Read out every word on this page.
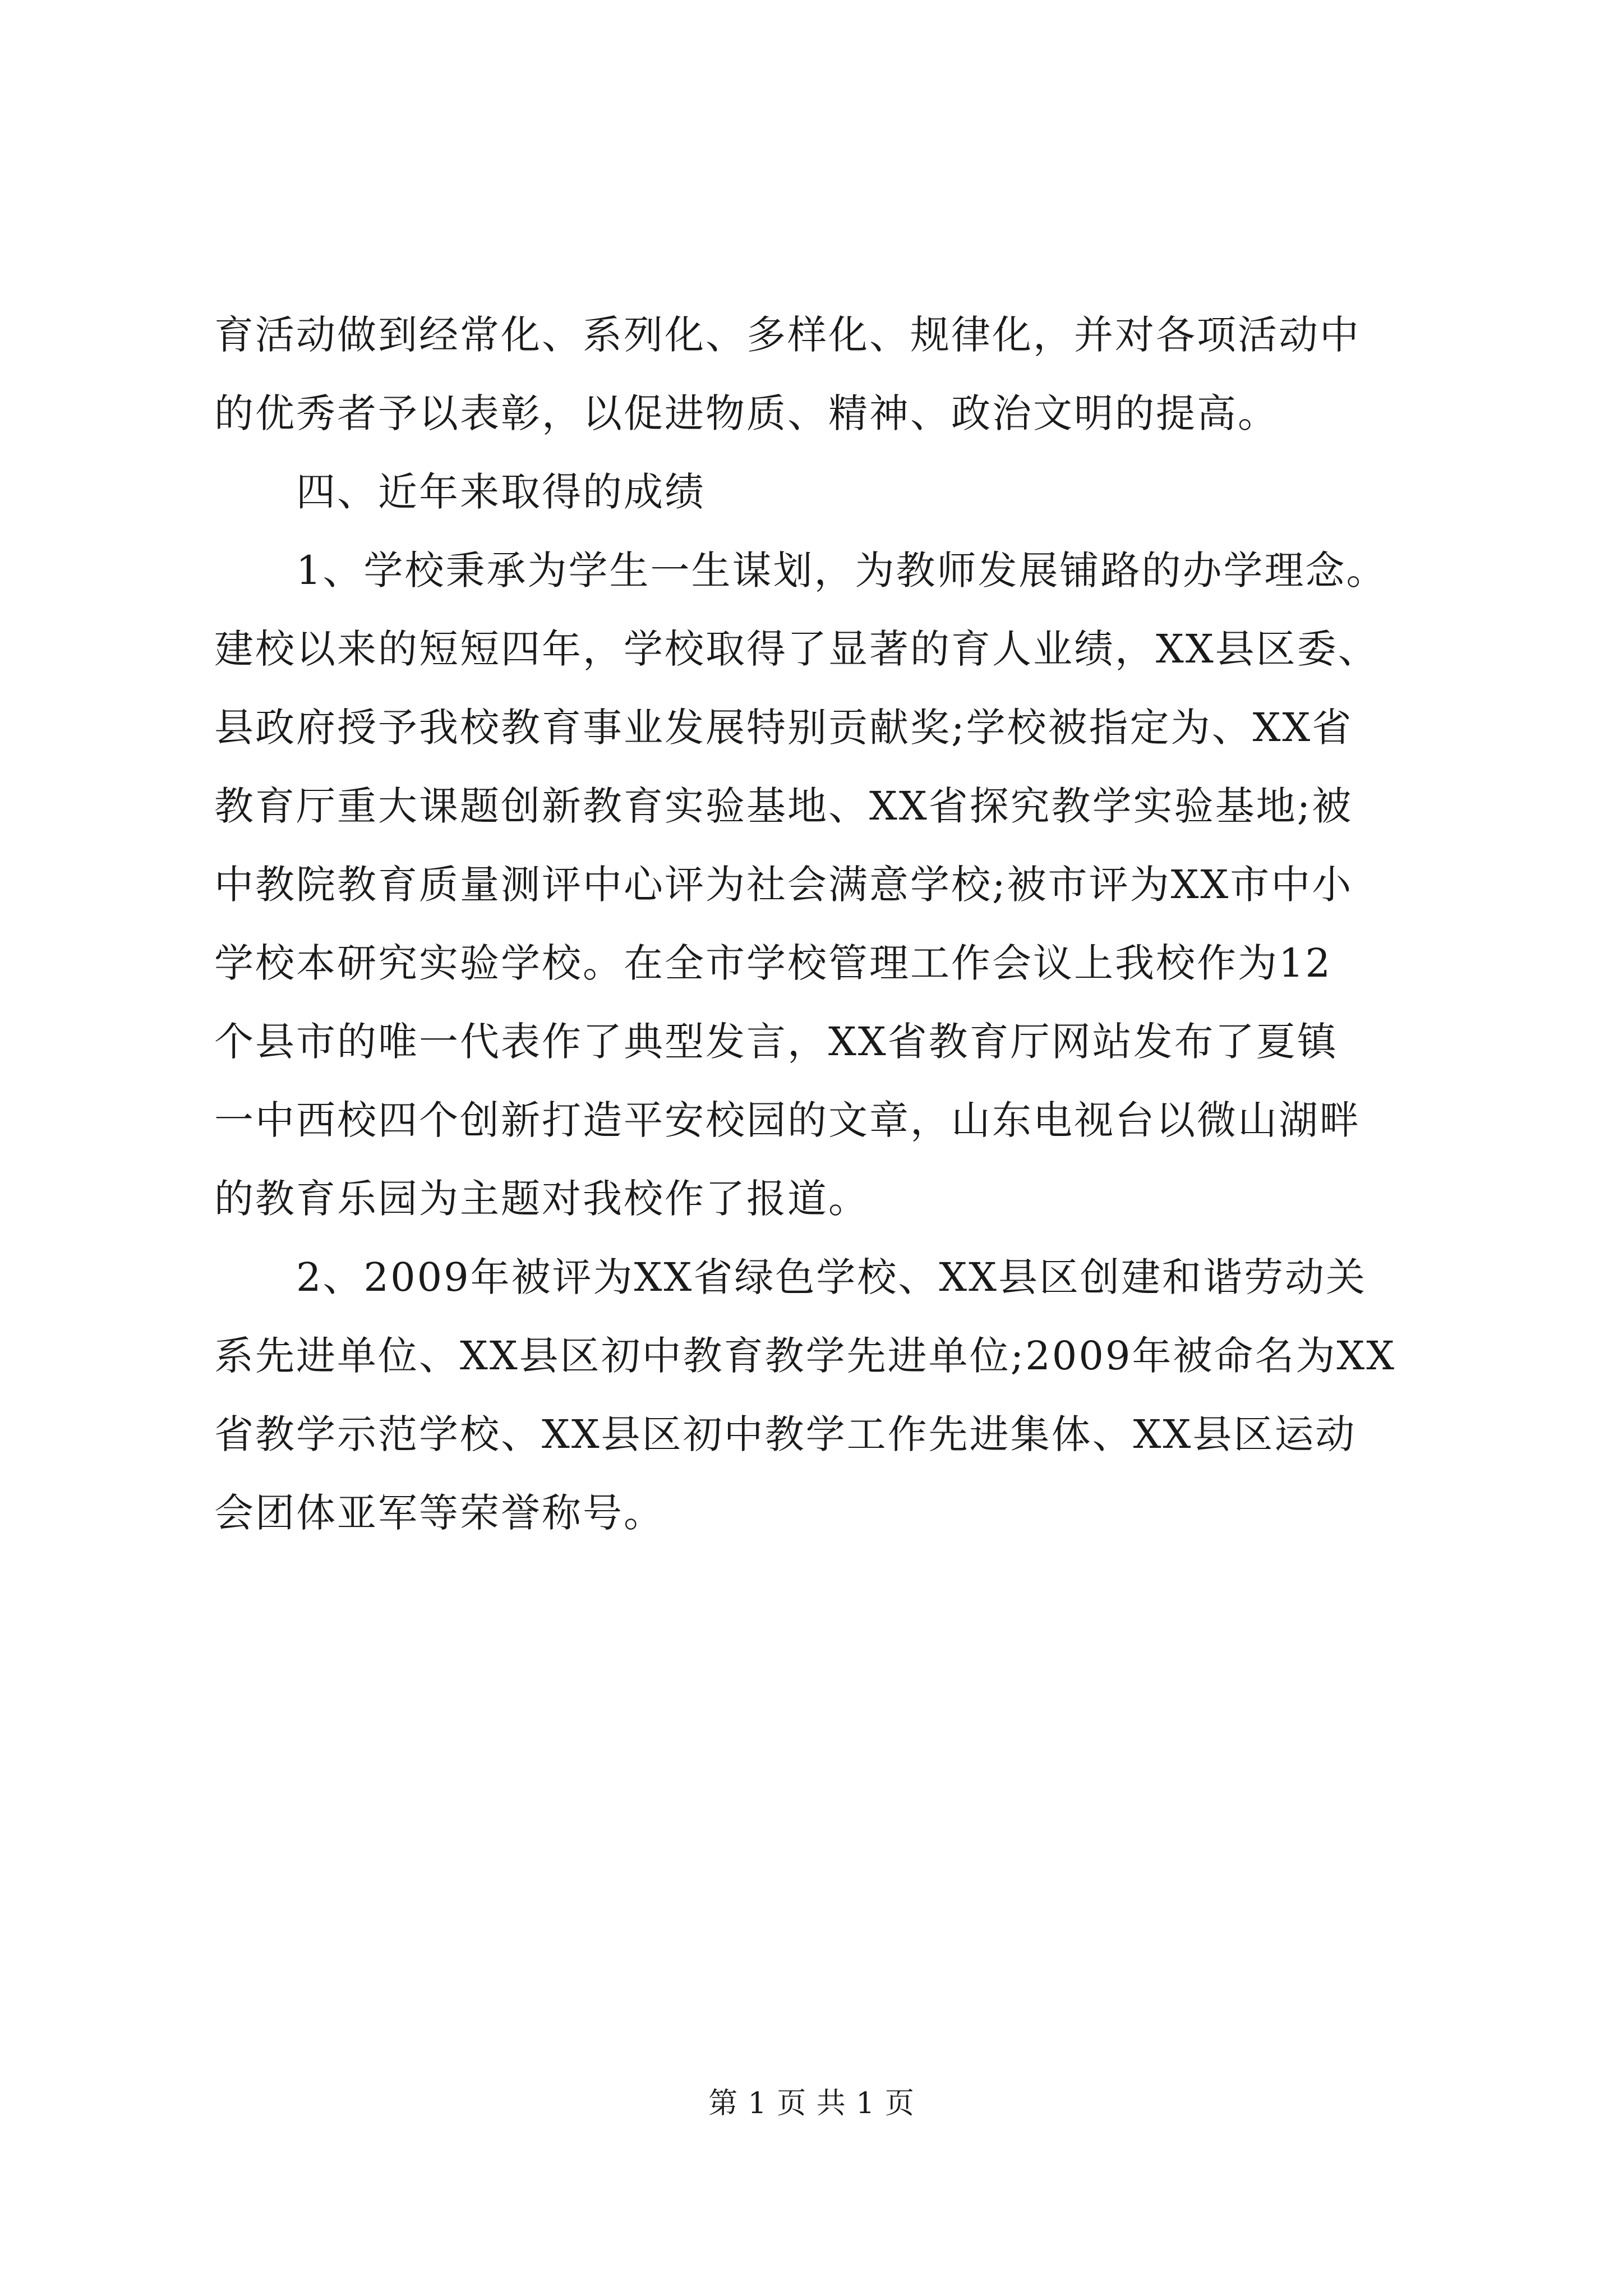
育活动做到经常化、系列化、多样化、规律化，并对各项活动中
的优秀者予以表彰，以促进物质、精神、政治文明的提高。
四、近年来取得的成绩
1、学校秉承为学生一生谋划，为教师发展铺路的办学理念。
建校以来的短短四年，学校取得了显著的育人业绩，XX县区委、
县政府授予我校教育事业发展特别贡献奖;学校被指定为、XX省
教育厅重大课题创新教育实验基地、XX省探究教学实验基地;被
中教院教育质量测评中心评为社会满意学校;被市评为XX市中小
学校本研究实验学校。在全市学校管理工作会议上我校作为12
个县市的唯一代表作了典型发言，XX省教育厅网站发布了夏镇
一中西校四个创新打造平安校园的文章，山东电视台以微山湖畔
的教育乐园为主题对我校作了报道。
2、2009年被评为XX省绿色学校、XX县区创建和谐劳动关
系先进单位、XX县区初中教育教学先进单位;2009年被命名为XX
省教学示范学校、XX县区初中教学工作先进集体、XX县区运动
会团体亚军等荣誉称号。
第 1 页 共 1 页
